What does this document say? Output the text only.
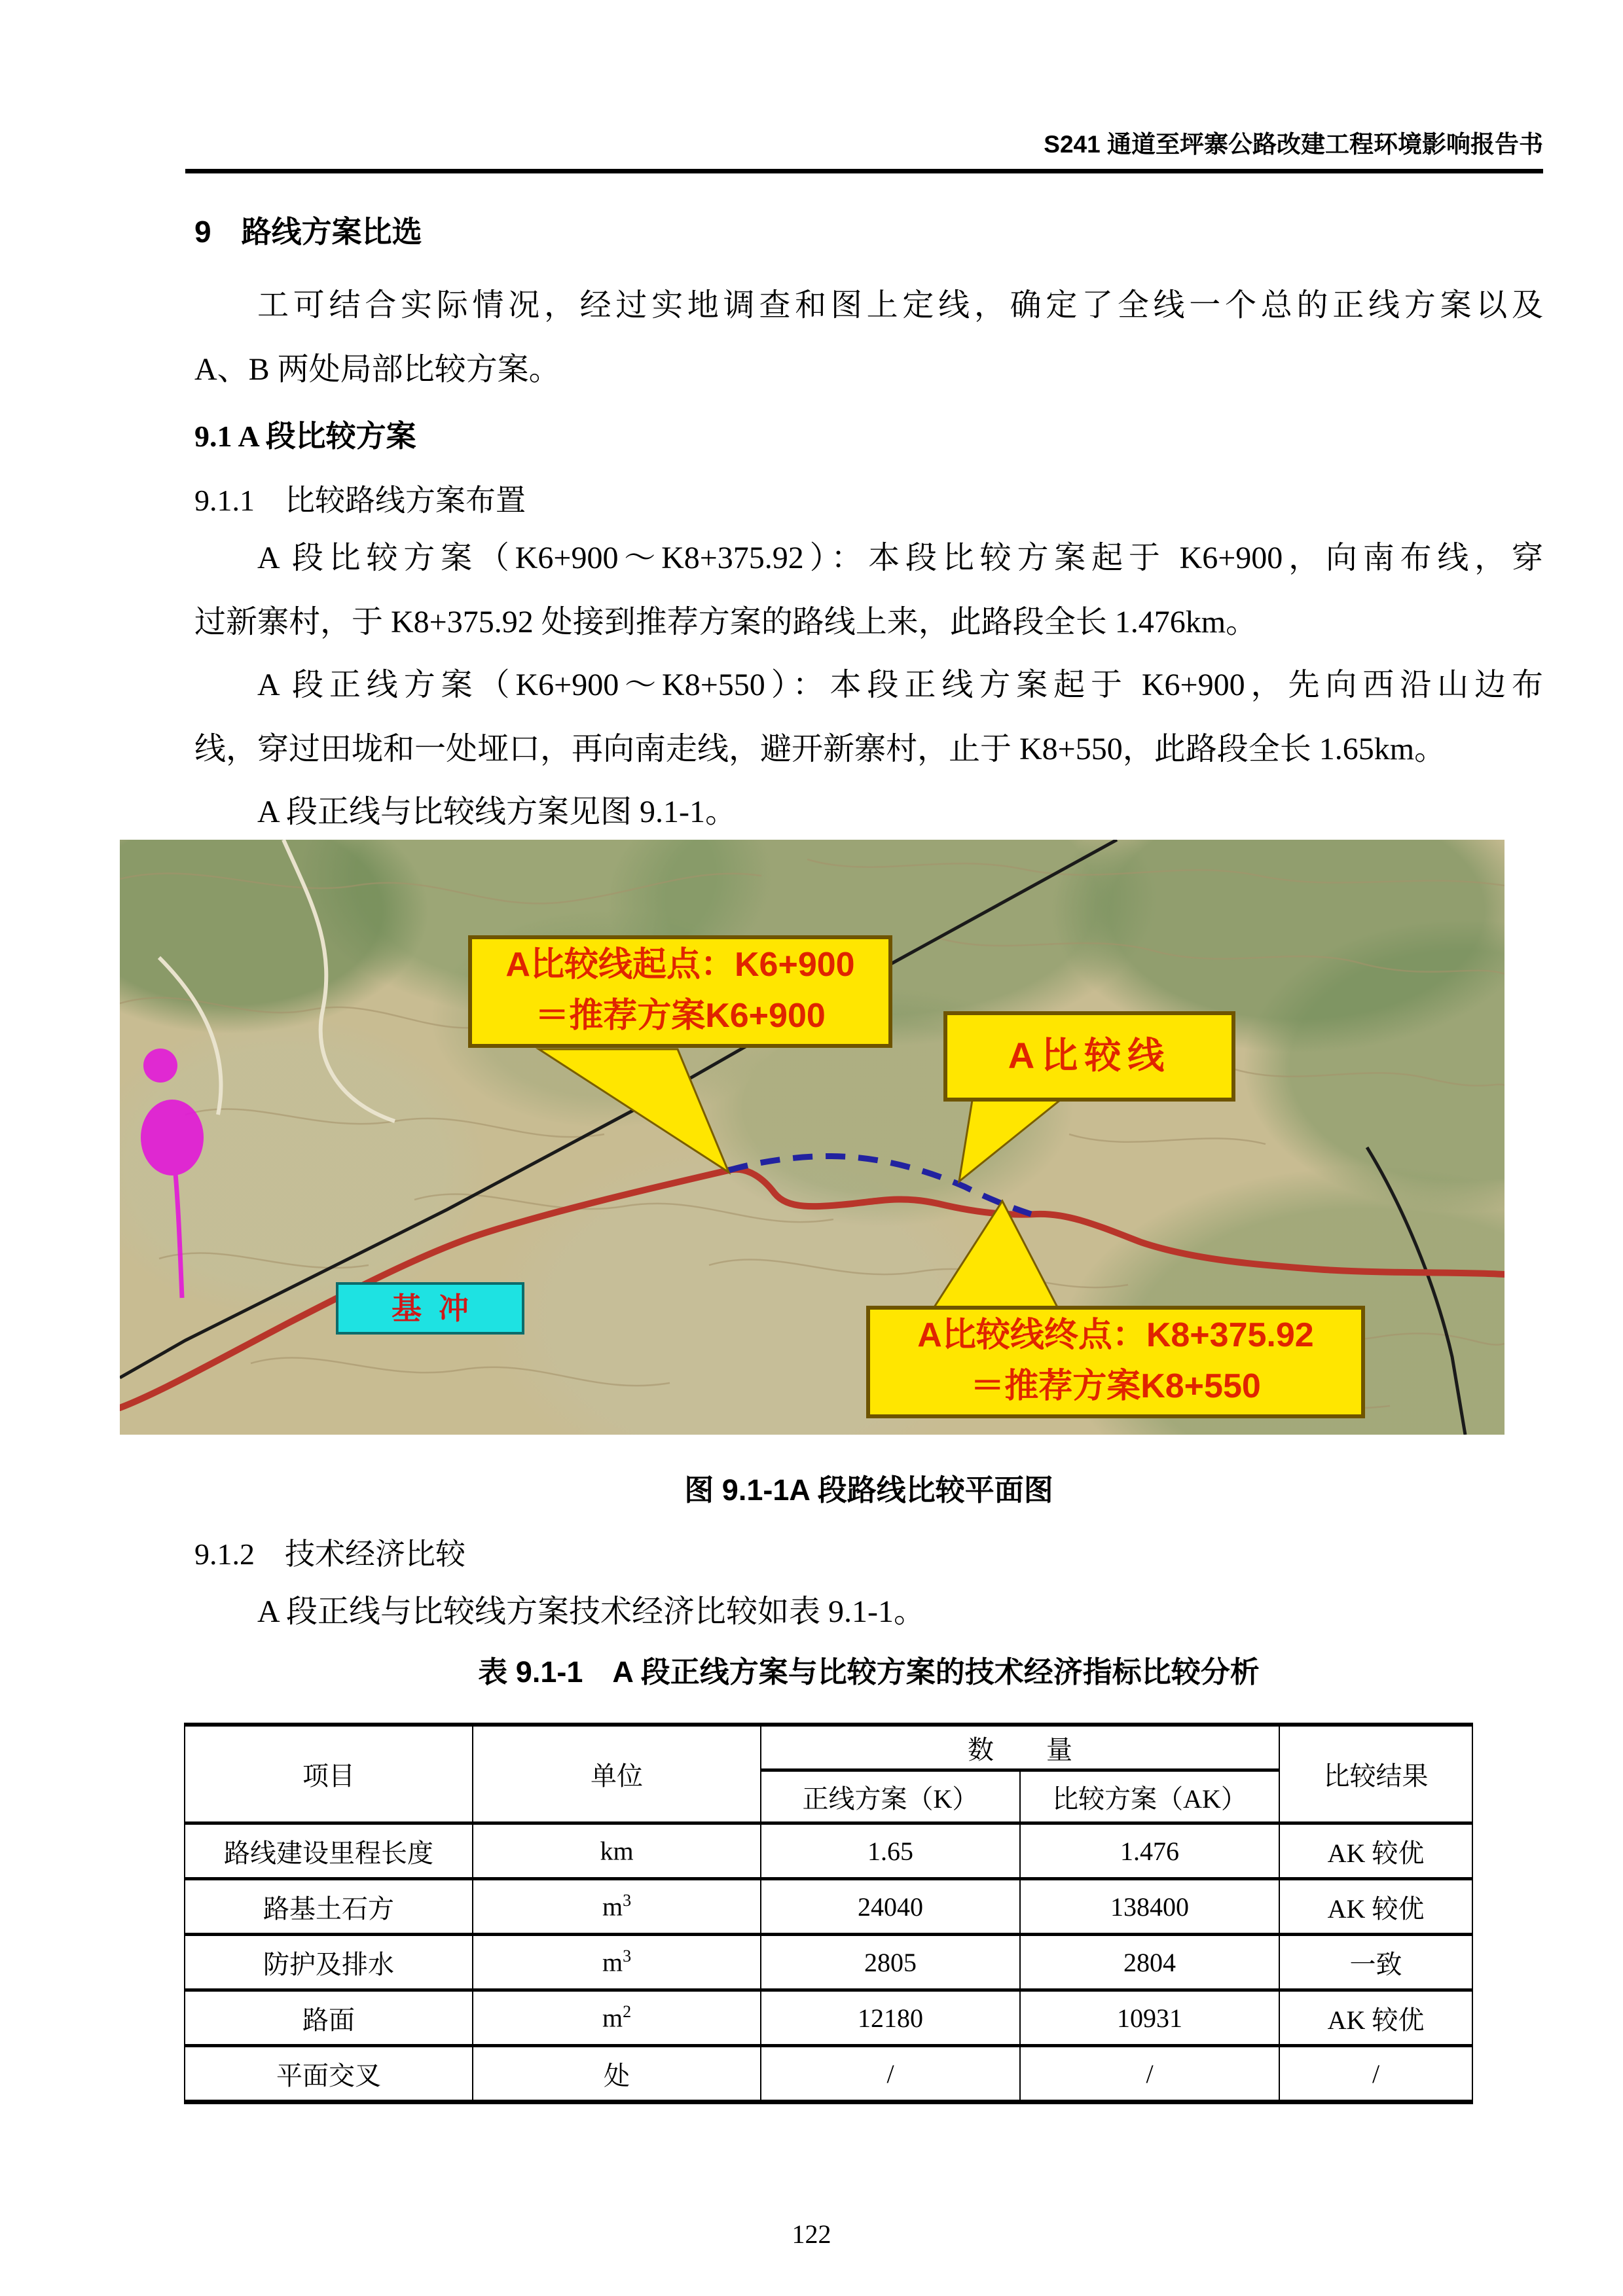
S241 通道至坪寨公路改建工程环境影响报告书
9　路线方案比选
工可结合实际情况，经过实地调查和图上定线，确定了全线一个总的正线方案以及
A、B 两处局部比较方案。
9.1 A 段比较方案
9.1.1　比较路线方案布置
A 段比较方案（K6+900～K8+375.92）：本段比较方案起于 K6+900，向南布线，穿
过新寨村，于 K8+375.92 处接到推荐方案的路线上来，此路段全长 1.476km。
A 段正线方案（K6+900～K8+550）：本段正线方案起于 K6+900，先向西沿山边布
线，穿过田垅和一处垭口，再向南走线，避开新寨村，止于 K8+550，此路段全长 1.65km。
A 段正线与比较线方案见图 9.1-1。
A比较线起点：K6+900
＝推荐方案K6+900
A比较线
A比较线终点：K8+375.92
＝推荐方案K8+550
基冲
图 9.1-1A 段路线比较平面图
9.1.2　技术经济比较
A 段正线与比较线方案技术经济比较如表 9.1-1。
表 9.1-1　A 段正线方案与比较方案的技术经济指标比较分析
项目	单位	数　　量		比较结果
		正线方案（K）	比较方案（AK）	
路线建设里程长度	km	1.65	1.476	AK 较优
路基土石方	$m^3$	24040	138400	AK 较优
防护及排水	$m^3$	2805	2804	一致
路面	$m^2$	12180	10931	AK 较优
平面交叉	处	/	/	/
122
